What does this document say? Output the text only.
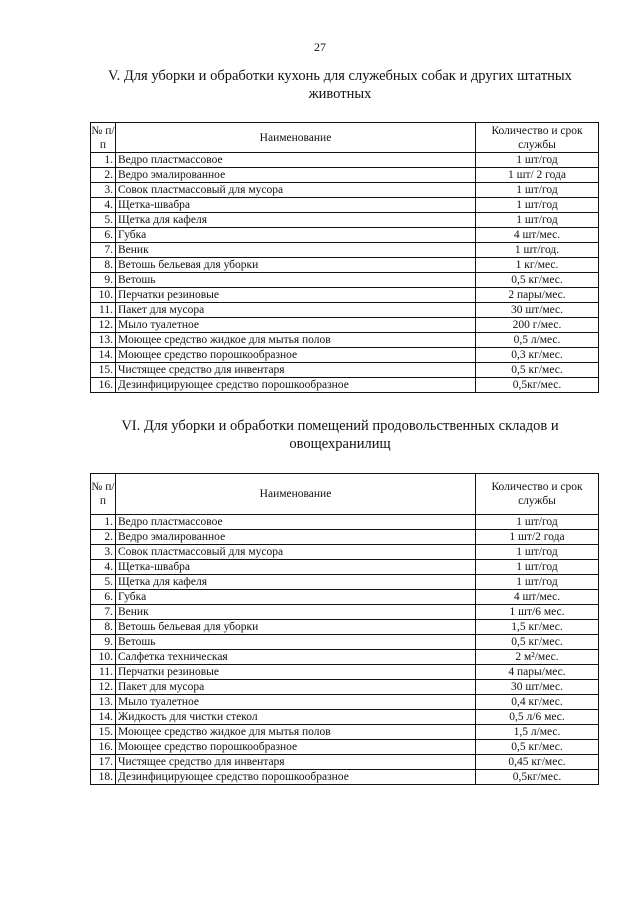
27
V. Для уборки и обработки кухонь для служебных собак и других штатных животных
№ п/п	Наименование	Количество и срок службы
1.	Ведро пластмассовое	1 шт/год
2.	Ведро эмалированное	1 шт/ 2 года
3.	Совок пластмассовый для мусора	1 шт/год
4.	Щетка-швабра	1 шт/год
5.	Щетка для кафеля	1 шт/год
6.	Губка	4 шт/мес.
7.	Веник	1 шт/год.
8.	Ветошь бельевая для уборки	1 кг/мес.
9.	Ветошь	0,5 кг/мес.
10.	Перчатки резиновые	2 пары/мес.
11.	Пакет для мусора	30 шт/мес.
12.	Мыло туалетное	200 г/мес.
13.	Моющее средство жидкое для мытья полов	0,5 л/мес.
14.	Моющее средство порошкообразное	0,3 кг/мес.
15.	Чистящее средство для инвентаря	0,5 кг/мес.
16.	Дезинфицирующее средство порошкообразное	0,5кг/мес.
VI. Для уборки и обработки помещений продовольственных складов и овощехранилищ
№ п/п	Наименование	Количество и срок службы
1.	Ведро пластмассовое	1 шт/год
2.	Ведро эмалированное	1 шт/2 года
3.	Совок пластмассовый для мусора	1 шт/год
4.	Щетка-швабра	1 шт/год
5.	Щетка для кафеля	1 шт/год
6.	Губка	4 шт/мес.
7.	Веник	1 шт/6 мес.
8.	Ветошь бельевая для уборки	1,5 кг/мес.
9.	Ветошь	0,5 кг/мес.
10.	Салфетка техническая	2 м²/мес.
11.	Перчатки резиновые	4 пары/мес.
12.	Пакет для мусора	30 шт/мес.
13.	Мыло туалетное	0,4 кг/мес.
14.	Жидкость для чистки стекол	0,5 л/6 мес.
15.	Моющее средство жидкое для мытья полов	1,5 л/мес.
16.	Моющее средство порошкообразное	0,5 кг/мес.
17.	Чистящее средство для инвентаря	0,45 кг/мес.
18.	Дезинфицирующее средство порошкообразное	0,5кг/мес.
